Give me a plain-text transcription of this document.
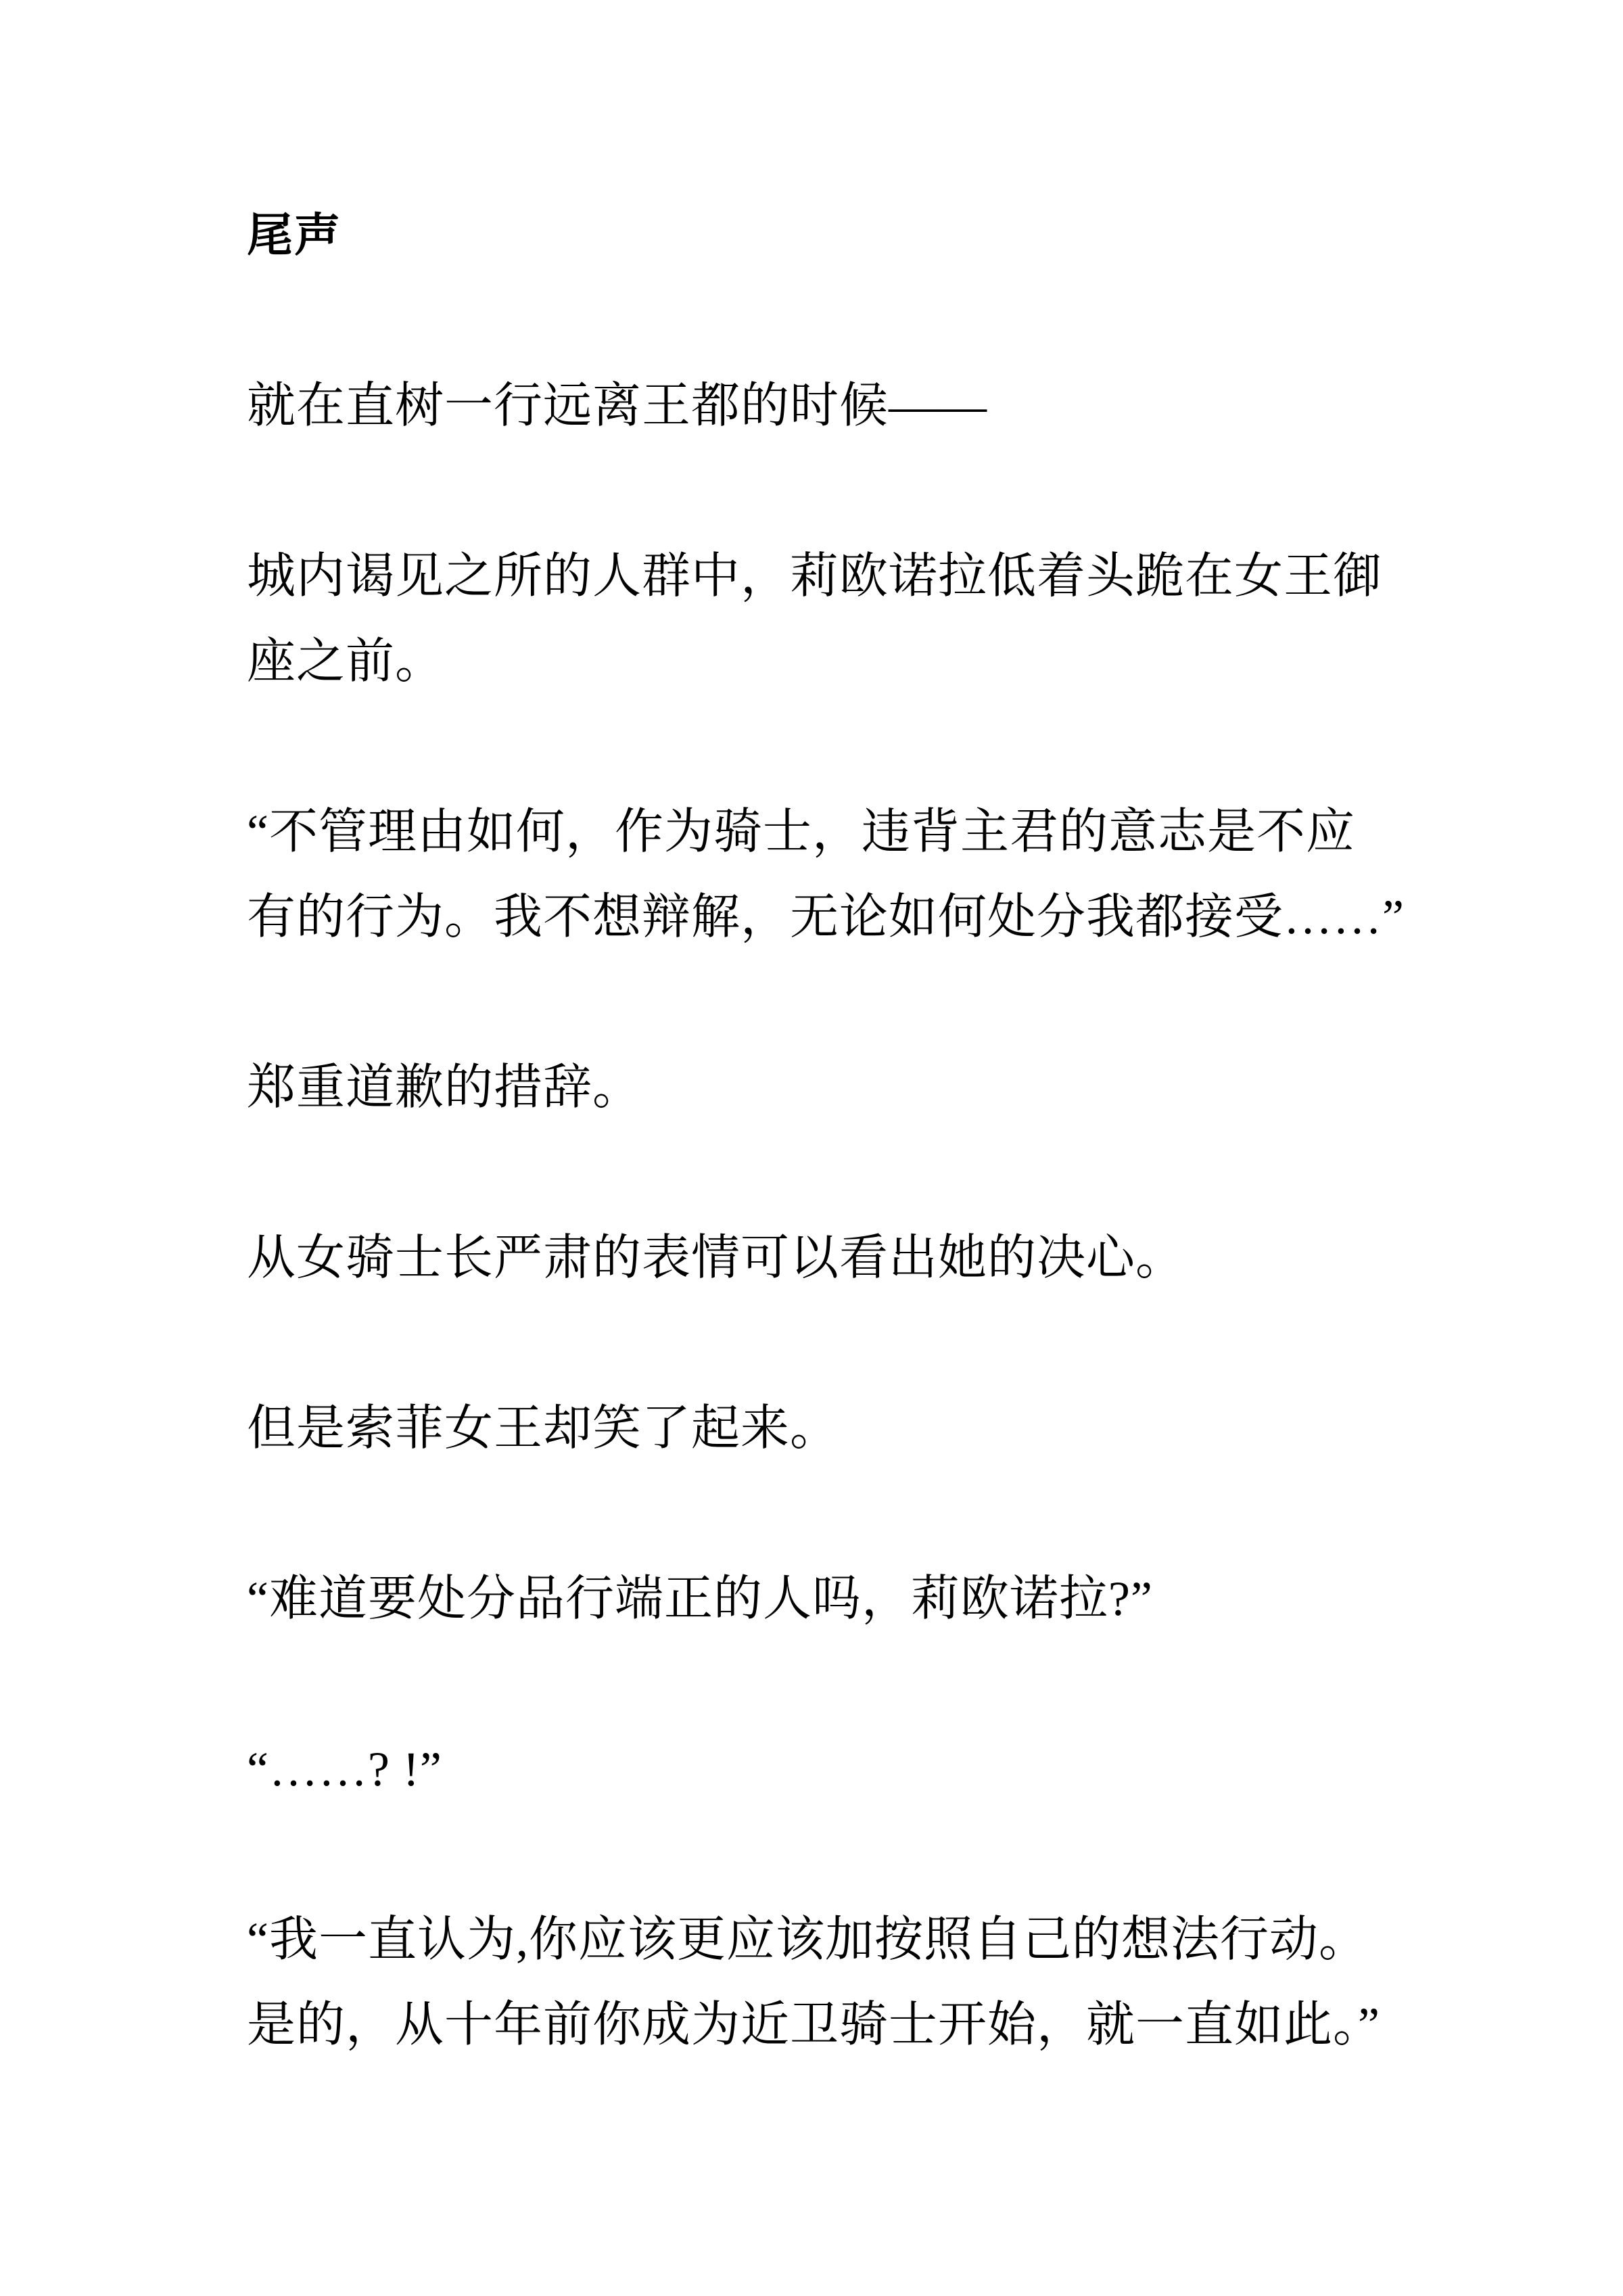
尾声
就在直树一行远离王都的时候——
城内谒见之所的人群中，莉欧诺拉低着头跪在女王御
座之前。
“不管理由如何，作为骑士，违背主君的意志是不应
有的行为。我不想辩解，无论如何处分我都接受……”
郑重道歉的措辞。
从女骑士长严肃的表情可以看出她的决心。
但是索菲女王却笑了起来。
“难道要处分品行端正的人吗，莉欧诺拉?”
“……? !”
“我一直认为,你应该更应该加按照自己的想法行动。
是的，从十年前你成为近卫骑士开始，就一直如此。”
